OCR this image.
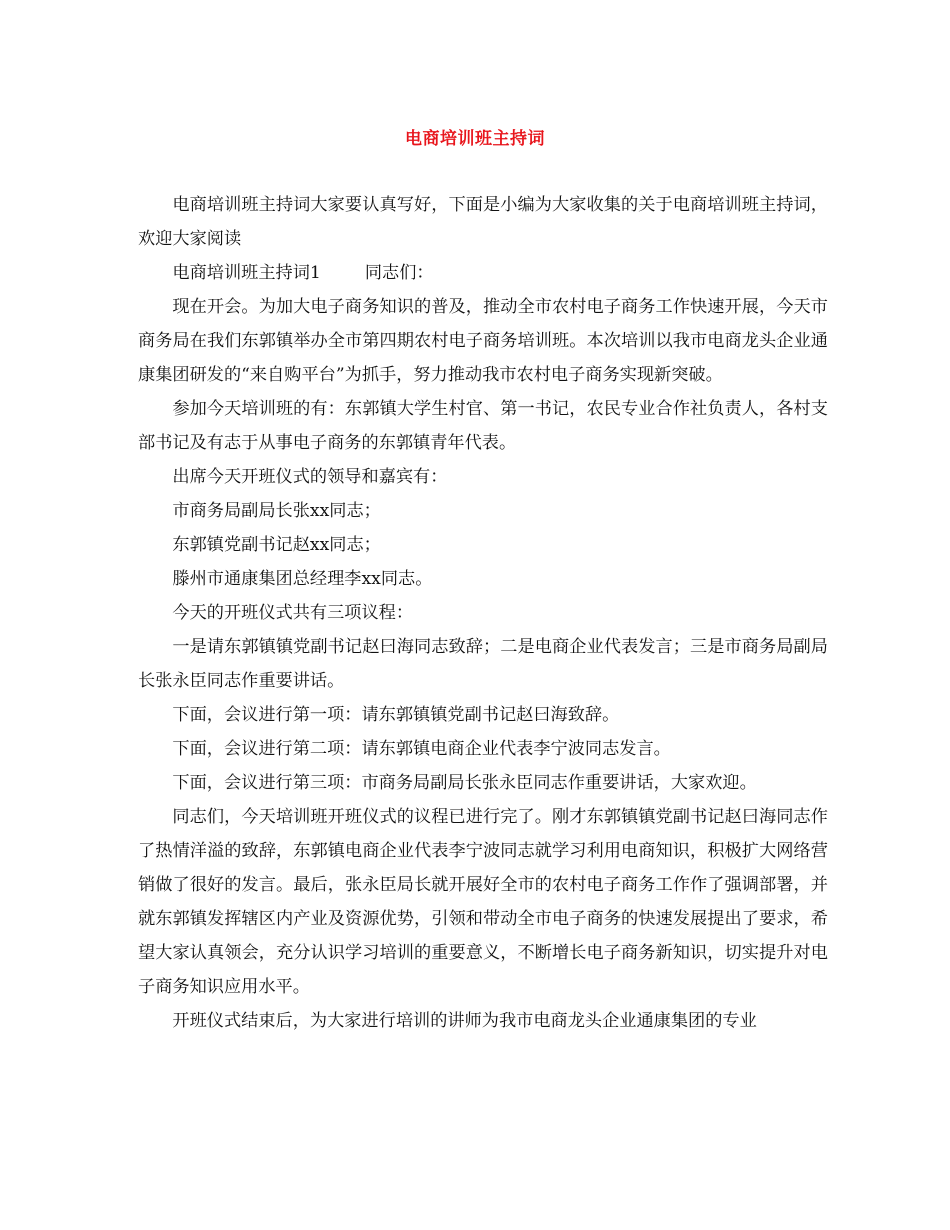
电商培训班主持词

电商培训班主持词大家要认真写好，下面是小编为大家收集的关于电商培训班主持词，欢迎大家阅读

电商培训班主持词1	同志们：

现在开会。为加大电子商务知识的普及，推动全市农村电子商务工作快速开展，今天市商务局在我们东郭镇举办全市第四期农村电子商务培训班。本次培训以我市电商龙头企业通康集团研发的“来自购平台”为抓手，努力推动我市农村电子商务实现新突破。

参加今天培训班的有：东郭镇大学生村官、第一书记，农民专业合作社负责人，各村支部书记及有志于从事电子商务的东郭镇青年代表。

出席今天开班仪式的领导和嘉宾有：

市商务局副局长张xx同志；

东郭镇党副书记赵xx同志；

滕州市通康集团总经理李xx同志。

今天的开班仪式共有三项议程：

一是请东郭镇镇党副书记赵曰海同志致辞；二是电商企业代表发言；三是市商务局副局长张永臣同志作重要讲话。

下面，会议进行第一项：请东郭镇镇党副书记赵曰海致辞。

下面，会议进行第二项：请东郭镇电商企业代表李宁波同志发言。

下面，会议进行第三项：市商务局副局长张永臣同志作重要讲话，大家欢迎。

同志们，今天培训班开班仪式的议程已进行完了。刚才东郭镇镇党副书记赵曰海同志作了热情洋溢的致辞，东郭镇电商企业代表李宁波同志就学习利用电商知识，积极扩大网络营销做了很好的发言。最后，张永臣局长就开展好全市的农村电子商务工作作了强调部署，并就东郭镇发挥辖区内产业及资源优势，引领和带动全市电子商务的快速发展提出了要求，希望大家认真领会，充分认识学习培训的重要意义，不断增长电子商务新知识，切实提升对电子商务知识应用水平。

开班仪式结束后，为大家进行培训的讲师为我市电商龙头企业通康集团的专业
